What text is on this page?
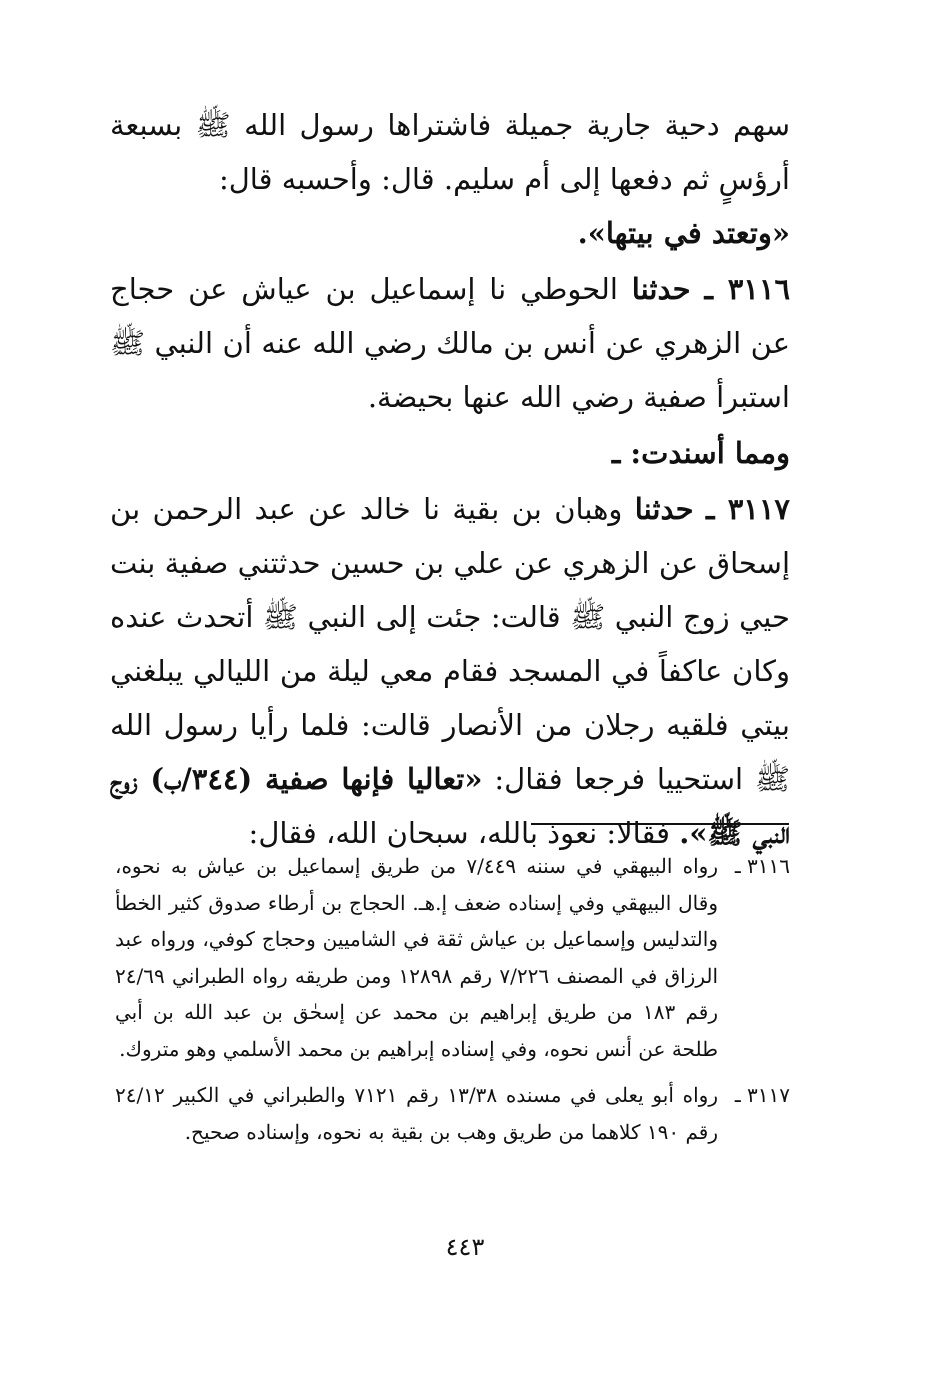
سهم دحية جارية جميلة فاشتراها رسول الله ﷺ بسبعة أرؤسٍ ثم دفعها إلى أم سليم. قال: وأحسبه قال:
«وتعتد في بيتها».

٣١١٦ ـ حدثنا الحوطي نا إسماعيل بن عياش عن حجاج عن الزهري عن أنس بن مالك رضي الله عنه أن النبي ﷺ استبرأ صفية رضي الله عنها بحيضة.

ومما أسندت: ـ

٣١١٧ ـ حدثنا وهبان بن بقية نا خالد عن عبد الرحمن بن إسحاق عن الزهري عن علي بن حسين حدثتني صفية بنت حيي زوج النبي ﷺ قالت: جئت إلى النبي ﷺ أتحدث عنده وكان عاكفاً في المسجد فقام معي ليلة من الليالي يبلغني بيتي فلقيه رجلان من الأنصار قالت: فلما رأيا رسول الله ﷺ استحييا فرجعا فقال: «تعاليا فإنها صفية (٣٤٤/ب) زوج النبي ﷺ». فقالا: نعوذ بالله، سبحان الله، فقال:

٣١١٦ ـ
رواه البيهقي في سننه ٧/٤٤٩ من طريق إسماعيل بن عياش به نحوه، وقال البيهقي وفي إسناده ضعف إ.هـ. الحجاج بن أرطاء صدوق كثير الخطأ والتدليس وإسماعيل بن عياش ثقة في الشاميين وحجاج كوفي، ورواه عبد الرزاق في المصنف ٧/٢٢٦ رقم ١٢٨٩٨ ومن طريقه رواه الطبراني ٢٤/٦٩ رقم ١٨٣ من طريق إبراهيم بن محمد عن إسحٰق بن عبد الله بن أبي طلحة عن أنس نحوه، وفي إسناده إبراهيم بن محمد الأسلمي وهو متروك.

٣١١٧ ـ
رواه أبو يعلى في مسنده ١٣/٣٨ رقم ٧١٢١ والطبراني في الكبير ٢٤/١٢ رقم ١٩٠ كلاهما من طريق وهب بن بقية به نحوه، وإسناده صحيح.

٤٤٣
